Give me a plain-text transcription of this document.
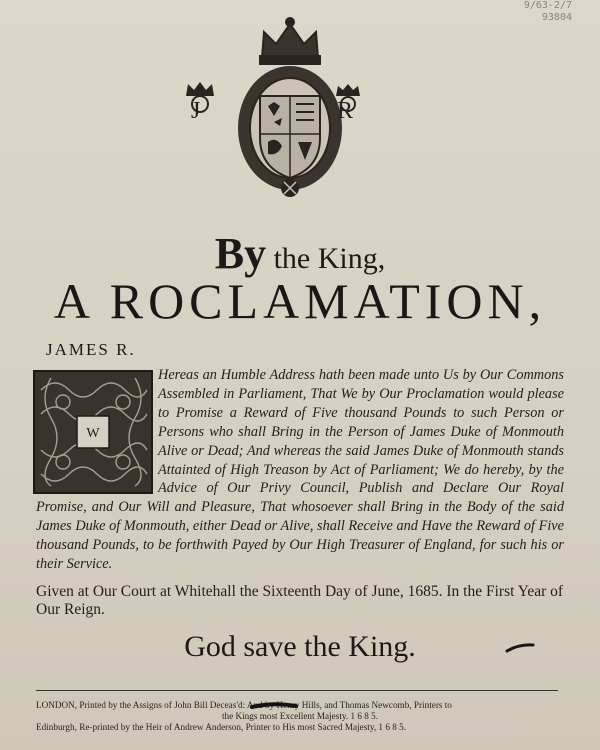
9/63-2/7
93804
J	R
By the King,
A ROCLAMATION,
JAMES R.
W
Hereas an Humble Address hath been made unto Us by Our Commons Assembled in Parliament, That We by Our Proclamation would please to Promise a Reward of Five thousand Pounds to such Person or Persons who shall Bring in the Person of James Duke of Monmouth Alive or Dead; And whereas the said James Duke of Monmouth stands Attainted of High Treason by Act of Parliament; We do hereby, by the Advice of Our Privy Council, Publish and Declare Our Royal Promise, and Our Will and Pleasure, That whosoever shall Bring in the Body of the said James Duke of Monmouth, either Dead or Alive, shall Receive and Have the Reward of Five thousand Pounds, to be forthwith Payed by Our High Treasurer of England, for such his or their Service.
Given at Our Court at Whitehall the Sixteenth Day of June, 1685. In the First Year of Our Reign.
God save the King.
LONDON, Printed by the Assigns of John Bill Deceas'd: And by Henry Hills, and Thomas Newcomb, Printers to
the Kings most Excellent Majesty. 1 6 8 5.
Edinburgh, Re-printed by the Heir of Andrew Anderson, Printer to His most Sacred Majesty, 1 6 8 5.
